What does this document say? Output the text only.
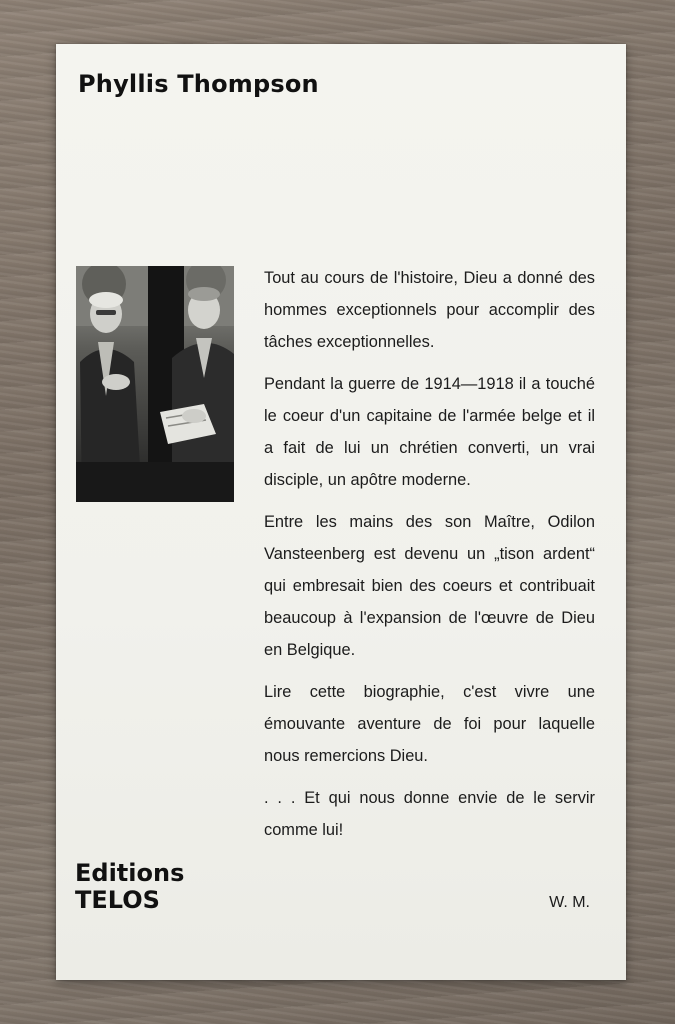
Phyllis Thompson

Tout au cours de l'histoire, Dieu a donné des hommes exceptionnels pour accomplir des tâches exceptionnelles.

Pendant la guerre de 1914—1918 il a touché le coeur d'un capitaine de l'armée belge et il a fait de lui un chrétien converti, un vrai disciple, un apôtre moderne.

Entre les mains des son Maître, Odilon Vansteenberg est devenu un „tison ardent“ qui embresait bien des coeurs et contribuait beaucoup à l'expansion de l'œuvre de Dieu en Belgique.

Lire cette biographie, c'est vivre une émouvante aventure de foi pour laquelle nous remercions Dieu.

. . . Et qui nous donne envie de le servir comme lui!

W. M.
Editions
TELOS
